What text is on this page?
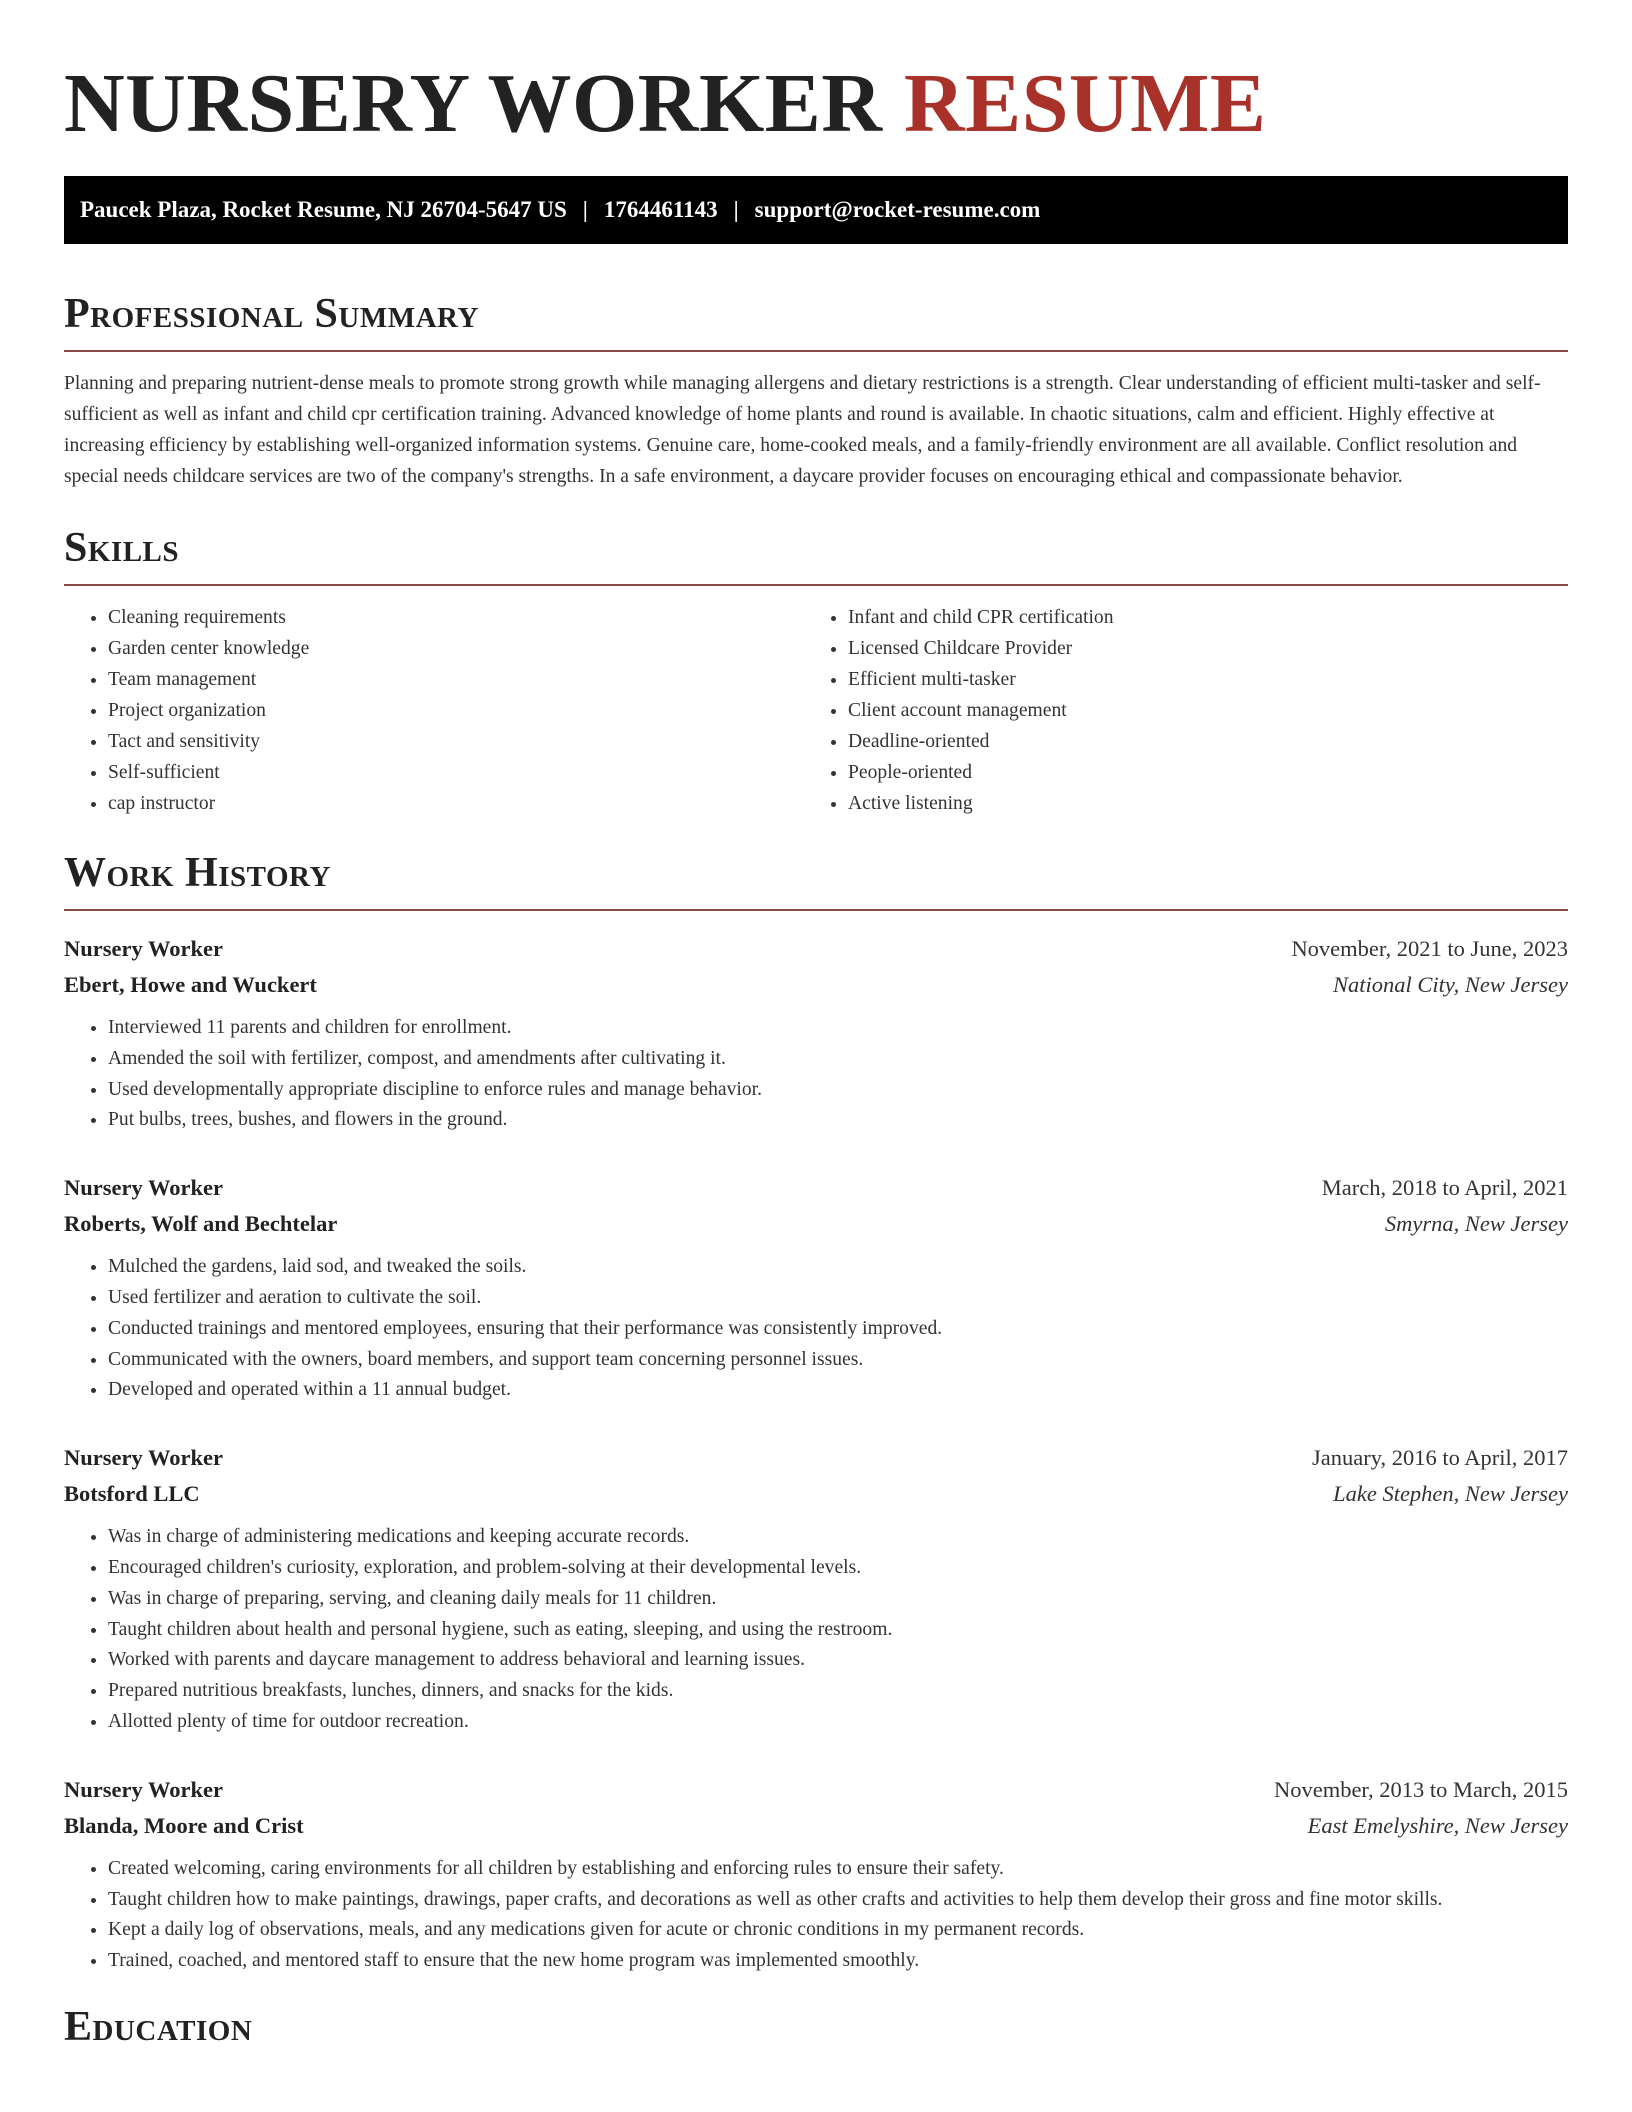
NURSERY WORKER RESUME
Paucek Plaza, Rocket Resume, NJ 26704-5647 US | 1764461143 | support@rocket-resume.com
Professional Summary

Planning and preparing nutrient-dense meals to promote strong growth while managing allergens and dietary restrictions is a strength. Clear understanding of efficient multi-tasker and self-sufficient as well as infant and child cpr certification training. Advanced knowledge of home plants and round is available. In chaotic situations, calm and efficient. Highly effective at increasing efficiency by establishing well-organized information systems. Genuine care, home-cooked meals, and a family-friendly environment are all available. Conflict resolution and special needs childcare services are two of the company's strengths. In a safe environment, a daycare provider focuses on encouraging ethical and compassionate behavior.

Skills
• Cleaning requirements
• Garden center knowledge
• Team management
• Project organization
• Tact and sensitivity
• Self-sufficient
• cap instructor
• Infant and child CPR certification
• Licensed Childcare Provider
• Efficient multi-tasker
• Client account management
• Deadline-oriented
• People-oriented
• Active listening
Work History
Nursery Worker	November, 2021 to June, 2023
Ebert, Howe and Wuckert	National City, New Jersey
• Interviewed 11 parents and children for enrollment.
• Amended the soil with fertilizer, compost, and amendments after cultivating it.
• Used developmentally appropriate discipline to enforce rules and manage behavior.
• Put bulbs, trees, bushes, and flowers in the ground.
Nursery Worker	March, 2018 to April, 2021
Roberts, Wolf and Bechtelar	Smyrna, New Jersey
• Mulched the gardens, laid sod, and tweaked the soils.
• Used fertilizer and aeration to cultivate the soil.
• Conducted trainings and mentored employees, ensuring that their performance was consistently improved.
• Communicated with the owners, board members, and support team concerning personnel issues.
• Developed and operated within a 11 annual budget.
Nursery Worker	January, 2016 to April, 2017
Botsford LLC	Lake Stephen, New Jersey
• Was in charge of administering medications and keeping accurate records.
• Encouraged children's curiosity, exploration, and problem-solving at their developmental levels.
• Was in charge of preparing, serving, and cleaning daily meals for 11 children.
• Taught children about health and personal hygiene, such as eating, sleeping, and using the restroom.
• Worked with parents and daycare management to address behavioral and learning issues.
• Prepared nutritious breakfasts, lunches, dinners, and snacks for the kids.
• Allotted plenty of time for outdoor recreation.
Nursery Worker	November, 2013 to March, 2015
Blanda, Moore and Crist	East Emelyshire, New Jersey
• Created welcoming, caring environments for all children by establishing and enforcing rules to ensure their safety.
• Taught children how to make paintings, drawings, paper crafts, and decorations as well as other crafts and activities to help them develop their gross and fine motor skills.
• Kept a daily log of observations, meals, and any medications given for acute or chronic conditions in my permanent records.
• Trained, coached, and mentored staff to ensure that the new home program was implemented smoothly.
Education
